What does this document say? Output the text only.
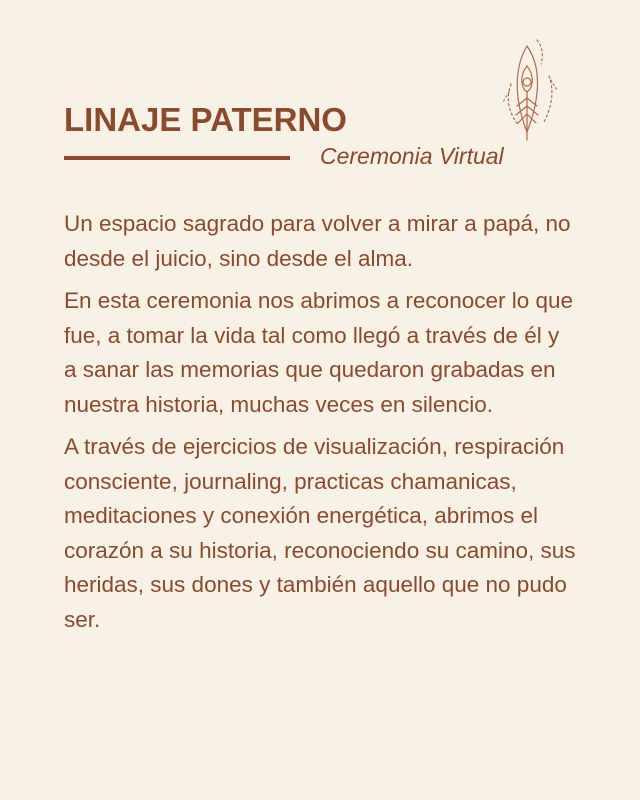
LINAJE PATERNO
Ceremonia Virtual

Un espacio sagrado para volver a mirar a papá, no desde el juicio, sino desde el alma.

En esta ceremonia nos abrimos a reconocer lo que fue, a tomar la vida tal como llegó a través de él y a sanar las memorias que quedaron grabadas en nuestra historia, muchas veces en silencio.

A través de ejercicios de visualización, respiración consciente, journaling, practicas chamanicas, meditaciones y conexión energética, abrimos el corazón a su historia, reconociendo su camino, sus heridas, sus dones y también aquello que no pudo ser.
